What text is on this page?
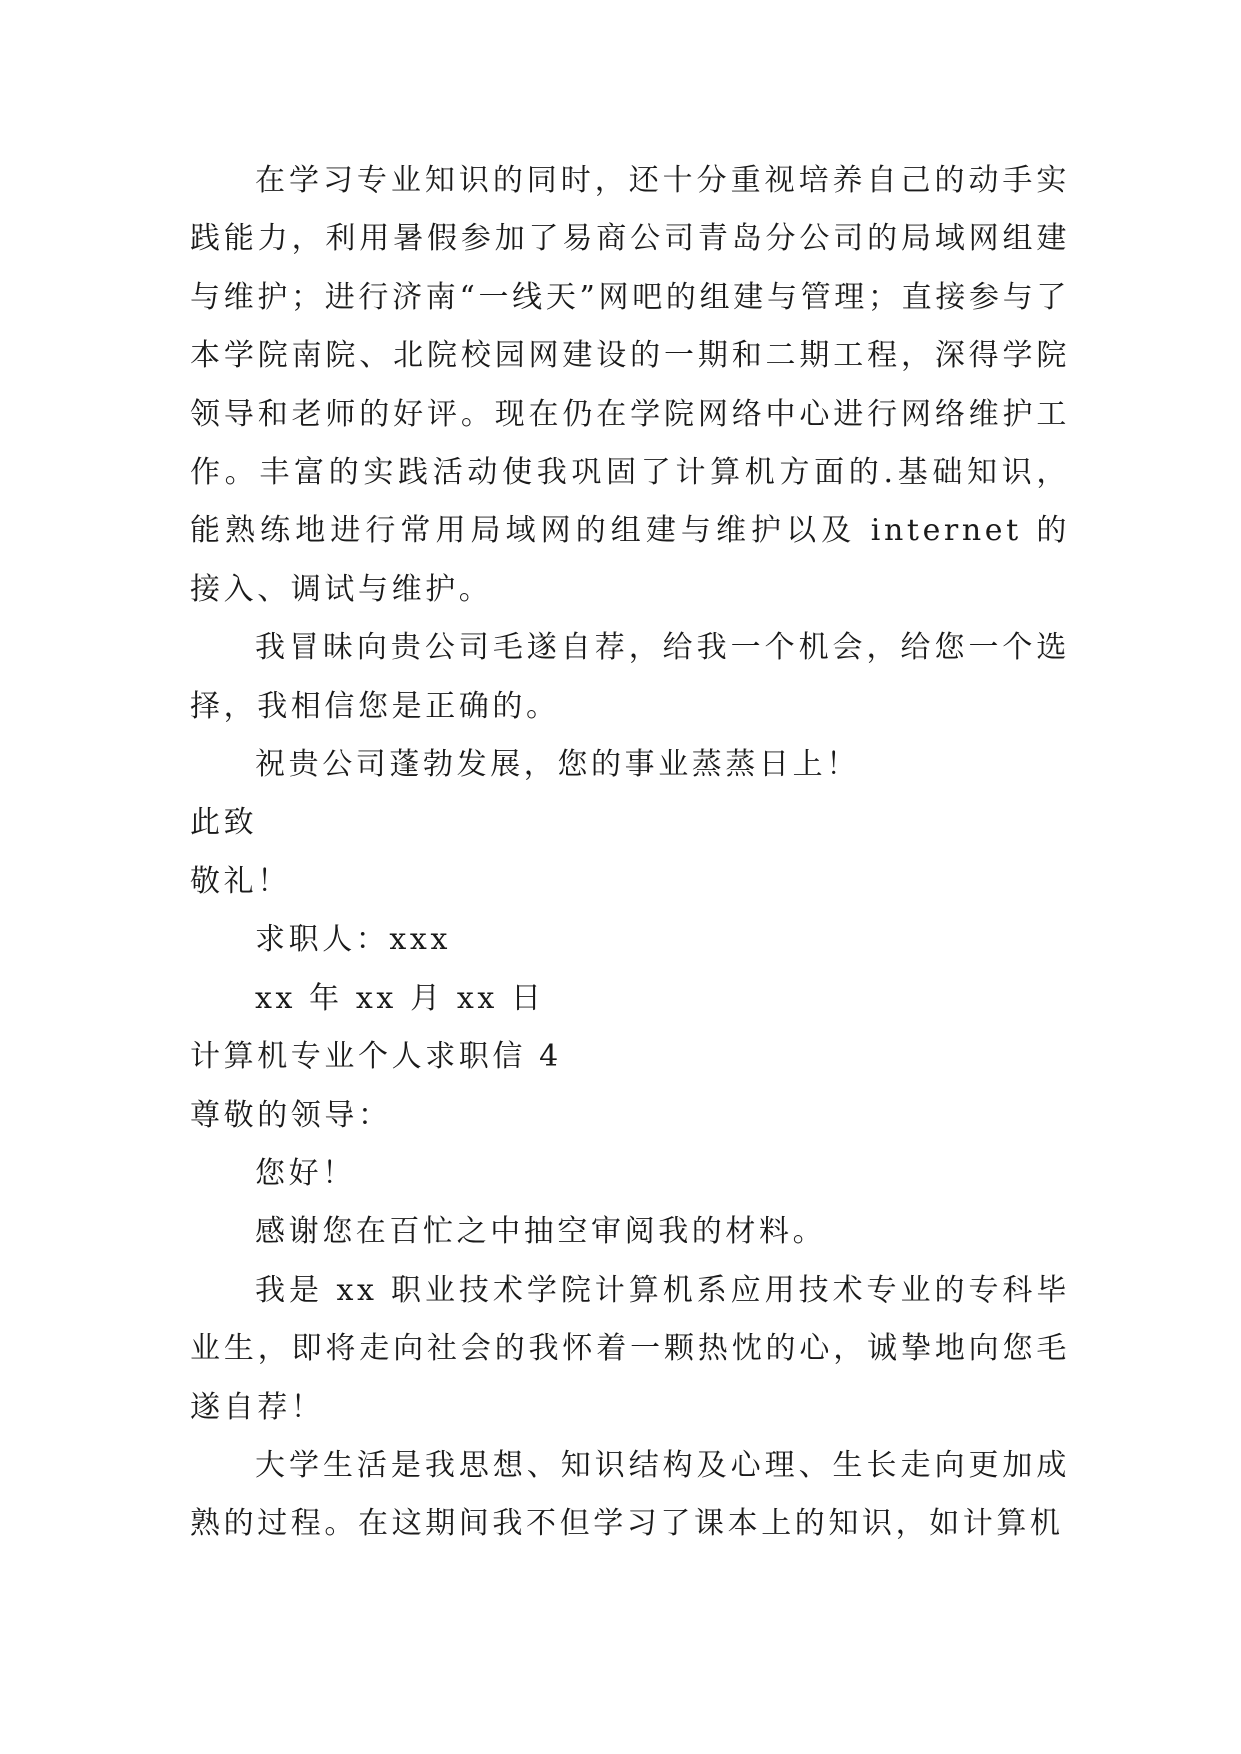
在学习专业知识的同时，还十分重视培养自己的动手实践能力，利用暑假参加了易商公司青岛分公司的局域网组建与维护；进行济南“一线天”网吧的组建与管理；直接参与了本学院南院、北院校园网建设的一期和二期工程，深得学院领导和老师的好评。现在仍在学院网络中心进行网络维护工作。丰富的实践活动使我巩固了计算机方面的.基础知识，能熟练地进行常用局域网的组建与维护以及 internet 的接入、调试与维护。

我冒昧向贵公司毛遂自荐，给我一个机会，给您一个选择，我相信您是正确的。

祝贵公司蓬勃发展，您的事业蒸蒸日上！

此致

敬礼！

求职人：xxx

xx 年 xx 月 xx 日

计算机专业个人求职信 4

尊敬的领导：

您好！

感谢您在百忙之中抽空审阅我的材料。

我是 xx 职业技术学院计算机系应用技术专业的专科毕业生，即将走向社会的我怀着一颗热忱的心，诚挚地向您毛遂自荐！

大学生活是我思想、知识结构及心理、生长走向更加成熟的过程。在这期间我不但学习了课本上的知识，如计算机
